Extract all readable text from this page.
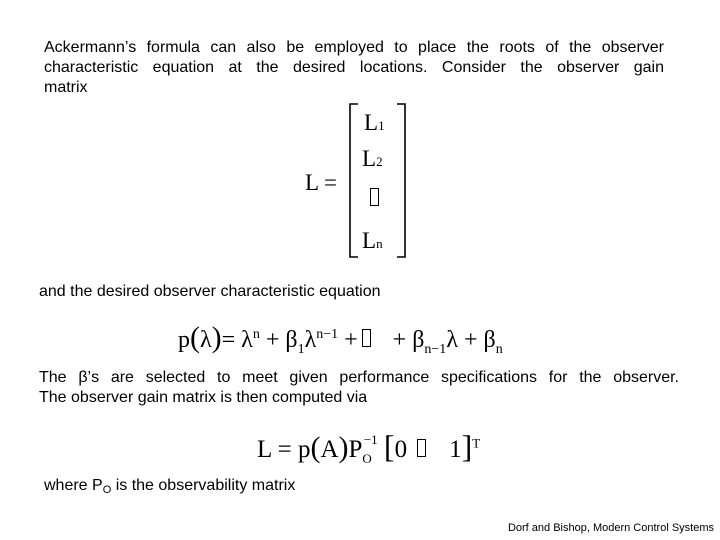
Ackermann’s formula can also be employed to place the roots of the observer
characteristic equation at the desired locations. Consider the observer gain
matrix
L =
L1
L2
Ln
and the desired observer characteristic equation
$p(\lambda)= \lambda^n + \beta_1\lambda^{n-1}$ +   + $\beta_{n-1}\lambda + \beta_n$
The β’s are selected to meet given performance specifications for the observer.
The observer gain matrix is then computed via
$L = p(A)P_O^{-1}$ [0    1]$^T$
where $P_O$ is the observability matrix
Dorf and Bishop, Modern Control Systems
